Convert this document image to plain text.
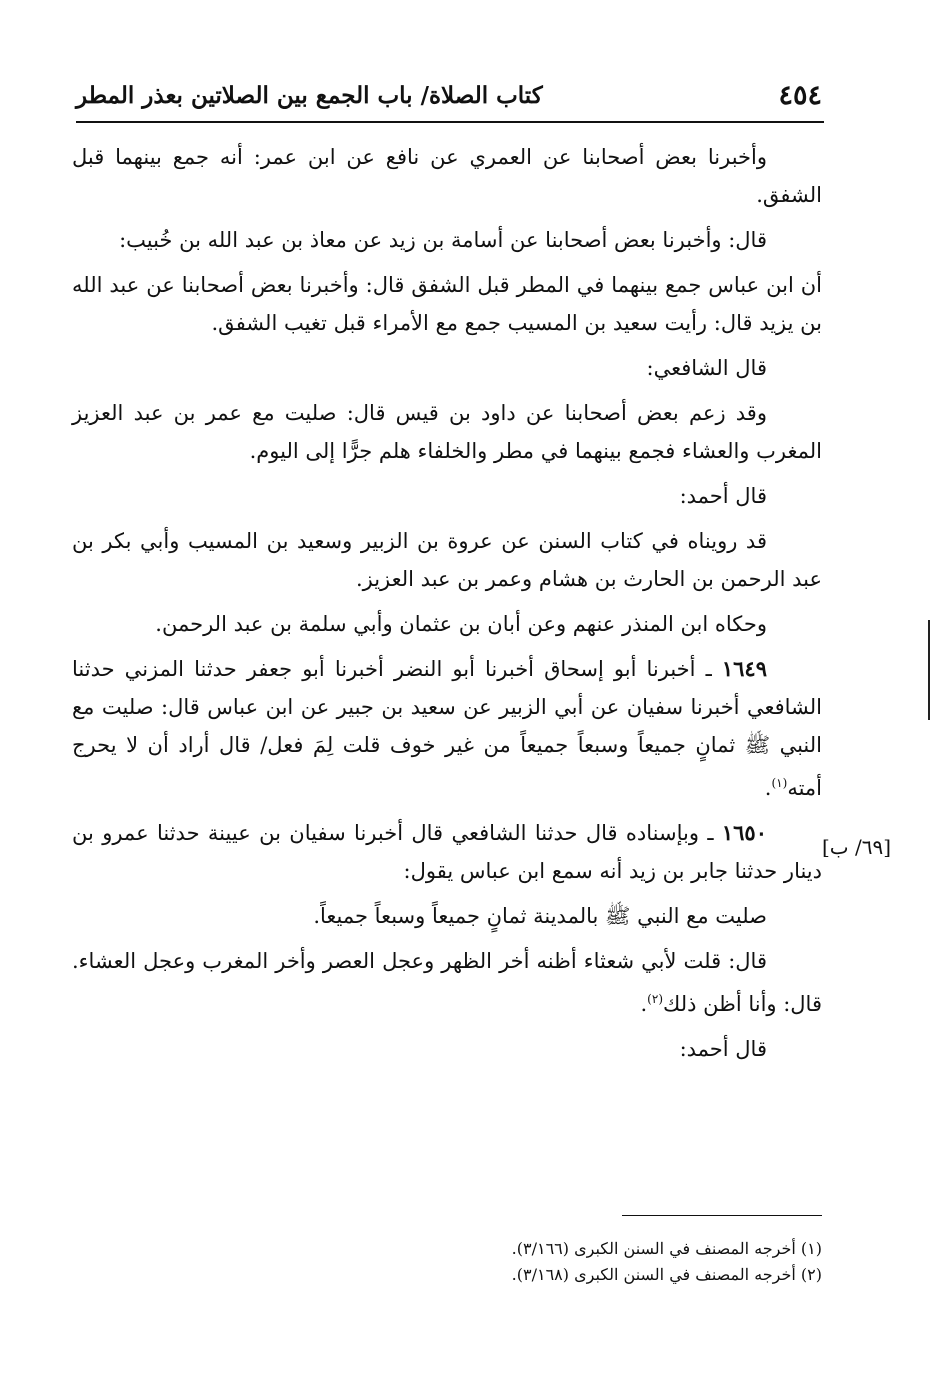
٤٥٤
كتاب الصلاة/ باب الجمع بين الصلاتين بعذر المطر

وأخبرنا بعض أصحابنا عن العمري عن نافع عن ابن عمر: أنه جمع بينهما قبل الشفق.

قال: وأخبرنا بعض أصحابنا عن أسامة بن زيد عن معاذ بن عبد الله بن خُبيب:

أن ابن عباس جمع بينهما في المطر قبل الشفق قال: وأخبرنا بعض أصحابنا عن عبد الله بن يزيد قال: رأيت سعيد بن المسيب جمع مع الأمراء قبل تغيب الشفق.

قال الشافعي:

وقد زعم بعض أصحابنا عن داود بن قيس قال: صليت مع عمر بن عبد العزيز المغرب والعشاء فجمع بينهما في مطر والخلفاء هلم جرًّا إلى اليوم.

قال أحمد:

قد رويناه في كتاب السنن عن عروة بن الزبير وسعيد بن المسيب وأبي بكر بن عبد الرحمن بن الحارث بن هشام وعمر بن عبد العزيز.

وحكاه ابن المنذر عنهم وعن أبان بن عثمان وأبي سلمة بن عبد الرحمن.

١٦٤٩ ـ أخبرنا أبو إسحاق أخبرنا أبو النضر أخبرنا أبو جعفر حدثنا المزني حدثنا الشافعي أخبرنا سفيان عن أبي الزبير عن سعيد بن جبير عن ابن عباس قال: صليت مع النبي ﷺ ثمانٍ جميعاً وسبعاً جميعاً من غير خوف قلت لِمَ فعل/ قال أراد أن لا يحرج أمته$^{(١)}$.

١٦٥٠ ـ وبإسناده قال حدثنا الشافعي قال أخبرنا سفيان بن عيينة حدثنا عمرو بن دينار حدثنا جابر بن زيد أنه سمع ابن عباس يقول:

صليت مع النبي ﷺ بالمدينة ثمانٍ جميعاً وسبعاً جميعاً.

قال: قلت لأبي شعثاء أظنه أخر الظهر وعجل العصر وأخر المغرب وعجل العشاء. قال: وأنا أظن ذلك$^{(٢)}$.

قال أحمد:

[٦٩/ ب]
(١) أخرجه المصنف في السنن الكبرى (٣/١٦٦).
(٢) أخرجه المصنف في السنن الكبرى (٣/١٦٨).
